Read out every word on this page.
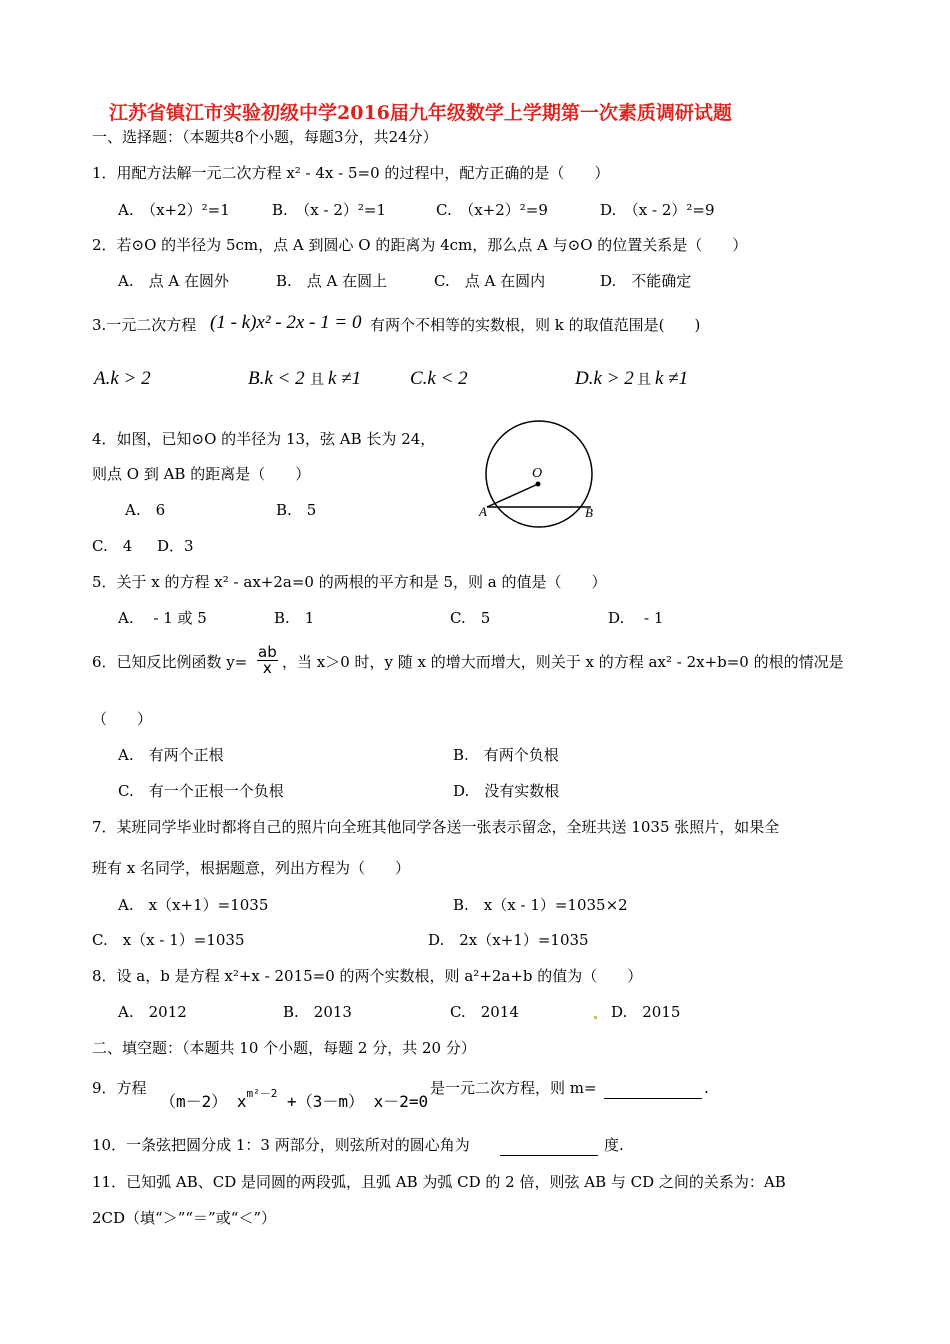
江苏省镇江市实验初级中学2016届九年级数学上学期第一次素质调研试题
一、选择题：（本题共8个小题，每题3分，共24分）
1．用配方法解一元二次方程 x² - 4x - 5=0 的过程中，配方正确的是（　　）
A.　（x+2）²=1	B.　（x - 2）²=1	C.　（x+2）²=9	D.　（x - 2）²=9
2．若⊙O 的半径为 5cm，点 A 到圆心 O 的距离为 4cm，那么点 A 与⊙O 的位置关系是（　　）
A.　点 A 在圆外	B.　点 A 在圆上	C.　点 A 在圆内	D.　不能确定
3.一元二次方程 (1 - k)x² - 2x - 1 = 0 有两个不相等的实数根，则 k 的取值范围是(　　)
A.k > 2	B.k < 2 且 k ≠1	C.k < 2	D.k > 2 且 k ≠1
4．如图，已知⊙O 的半径为 13，弦 AB 长为 24，
则点 O 到 AB 的距离是（　　）
A.　6	B.　5
C.　4 D．3
O
A	B
5．关于 x 的方程 x² - ax+2a=0 的两根的平方和是 5，则 a 的值是（　　）
A.　 - 1 或 5	B.　1	C.　5	D.　 - 1
6．已知反比例函数 $y= \frac{ab}{x}$ ，当 x＞0 时，y 随 x 的增大而增大，则关于 x 的方程 ax² - 2x+b=0 的根的情况是
（　　）
A.　有两个正根	B.　有两个负根
C.　有一个正根一个负根	D.　没有实数根
7．某班同学毕业时都将自己的照片向全班其他同学各送一张表示留念，全班共送 1035 张照片，如果全
班有 x 名同学，根据题意，列出方程为（　　）
A.　x（x+1）=1035	B.　x（x - 1）=1035×2
C.　x（x - 1）=1035	D.　2x（x+1）=1035
8．设 a，b 是方程 x²+x - 2015=0 的两个实数根，则 a²+2a+b 的值为（　　）
A.　2012	B.　2013	C.　2014	D.　2015
二、填空题：（本题共 10 个小题，每题 2 分，共 20 分）
9．方程
（m－2） $x^{m^2-2} +(3-m)$ x－2=0
是一元二次方程，则 m=	.
10．一条弦把圆分成 1：3 两部分，则弦所对的圆心角为	度.
11．已知弧 AB、CD 是同圆的两段弧，且弧 AB 为弧 CD 的 2 倍，则弦 AB 与 CD 之间的关系为：AB
2CD（填“＞”“＝”或“＜”）
